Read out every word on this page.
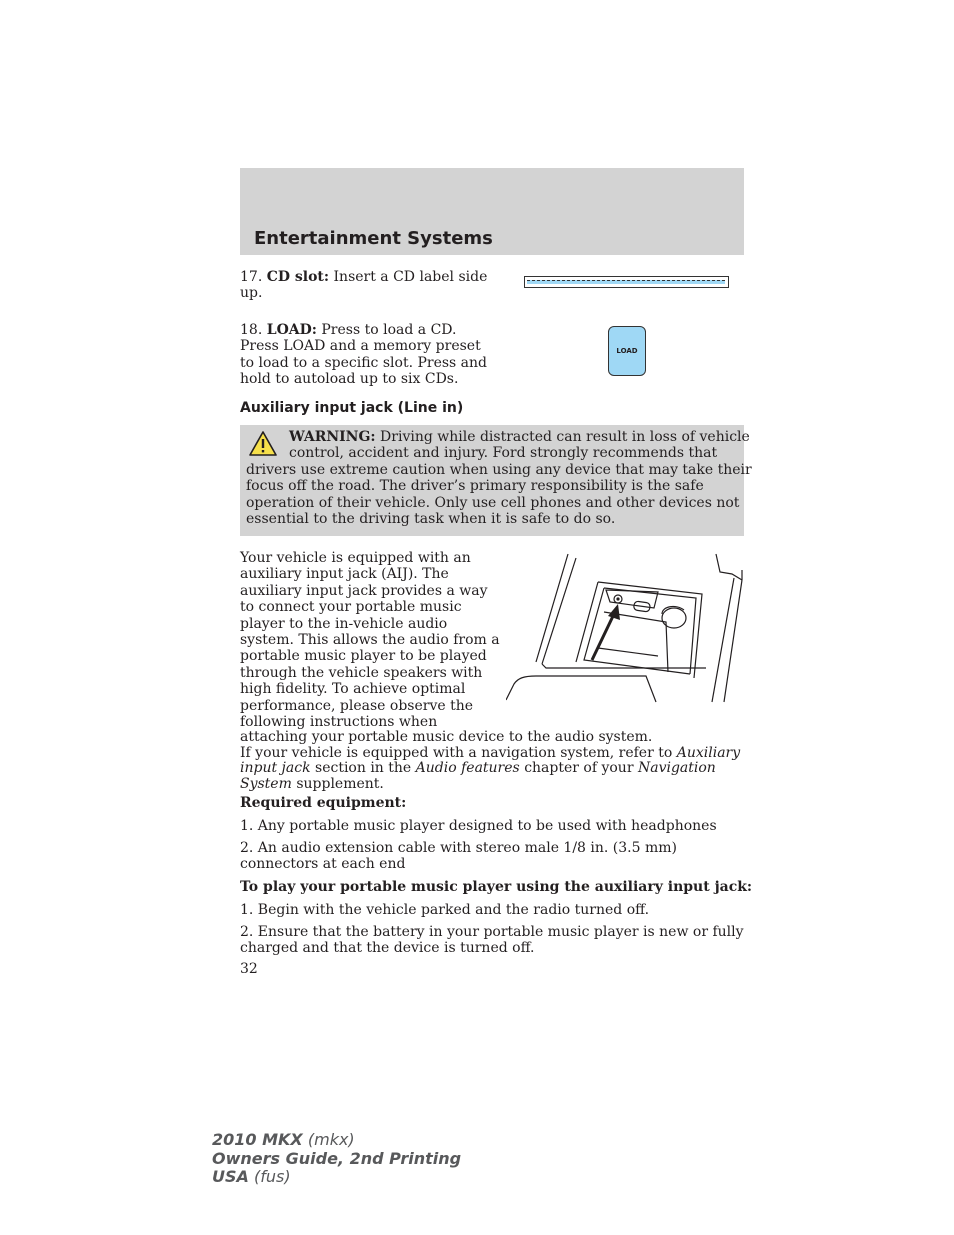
Entertainment Systems
17. CD slot: Insert a CD label side
up.
18. LOAD: Press to load a CD.
Press LOAD and a memory preset
to load to a specific slot. Press and
hold to autoload up to six CDs.
LOAD
Auxiliary input jack (Line in)
WARNING: Driving while distracted can result in loss of vehicle
control, accident and injury. Ford strongly recommends that
drivers use extreme caution when using any device that may take their
focus off the road. The driver’s primary responsibility is the safe
operation of their vehicle. Only use cell phones and other devices not
essential to the driving task when it is safe to do so.
Your vehicle is equipped with an
auxiliary input jack (AIJ). The
auxiliary input jack provides a way
to connect your portable music
player to the in-vehicle audio
system. This allows the audio from a
portable music player to be played
through the vehicle speakers with
high fidelity. To achieve optimal
performance, please observe the
following instructions when
attaching your portable music device to the audio system.
If your vehicle is equipped with a navigation system, refer to Auxiliary
input jack section in the Audio features chapter of your Navigation
System supplement.
Required equipment:
1. Any portable music player designed to be used with headphones
2. An audio extension cable with stereo male 1/8 in. (3.5 mm)
connectors at each end
To play your portable music player using the auxiliary input jack:
1. Begin with the vehicle parked and the radio turned off.
2. Ensure that the battery in your portable music player is new or fully
charged and that the device is turned off.
32
2010 MKX (mkx)
Owners Guide, 2nd Printing
USA (fus)
